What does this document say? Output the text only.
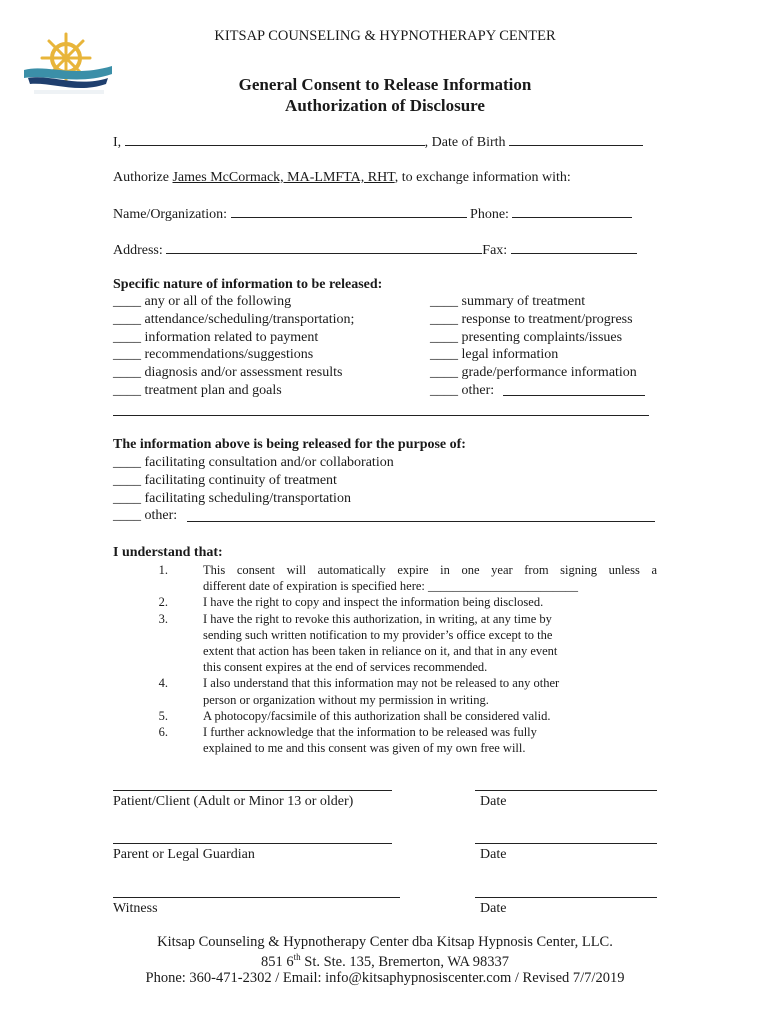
KITSAP COUNSELING & HYPNOTHERAPY CENTER
General Consent to Release Information
Authorization of Disclosure
I,	, Date of Birth
Authorize James McCormack, MA-LMFTA, RHT, to exchange information with:
Name/Organization:	Phone:
Address:	Fax:
Specific nature of information to be released:
____ any or all of the following
____ attendance/scheduling/transportation;
____ information related to payment
____ recommendations/suggestions
____ diagnosis and/or assessment results
____ treatment plan and goals
____ summary of treatment
____ response to treatment/progress
____ presenting complaints/issues
____ legal information
____ grade/performance information
____ other:
The information above is being released for the purpose of:
____ facilitating consultation and/or collaboration
____ facilitating continuity of treatment
____ facilitating scheduling/transportation
____ other:
I understand that:
1.	This consent will automatically expire in one year from signing unless a
different date of expiration is specified here: ________________________
2.	I have the right to copy and inspect the information being disclosed.
3.	I have the right to revoke this authorization, in writing, at any time by
sending such written notification to my provider’s office except to the
extent that action has been taken in reliance on it, and that in any event
this consent expires at the end of services recommended.
4.	I also understand that this information may not be released to any other
person or organization without my permission in writing.
5.	A photocopy/facsimile of this authorization shall be considered valid.
6.	I further acknowledge that the information to be released was fully
explained to me and this consent was given of my own free will.
Patient/Client (Adult or Minor 13 or older)	Date
Parent or Legal Guardian	Date
Witness	Date
Kitsap Counseling & Hypnotherapy Center dba Kitsap Hypnosis Center, LLC.
851 6th St. Ste. 135, Bremerton, WA 98337
Phone: 360-471-2302 / Email: info@kitsaphypnosiscenter.com / Revised 7/7/2019
